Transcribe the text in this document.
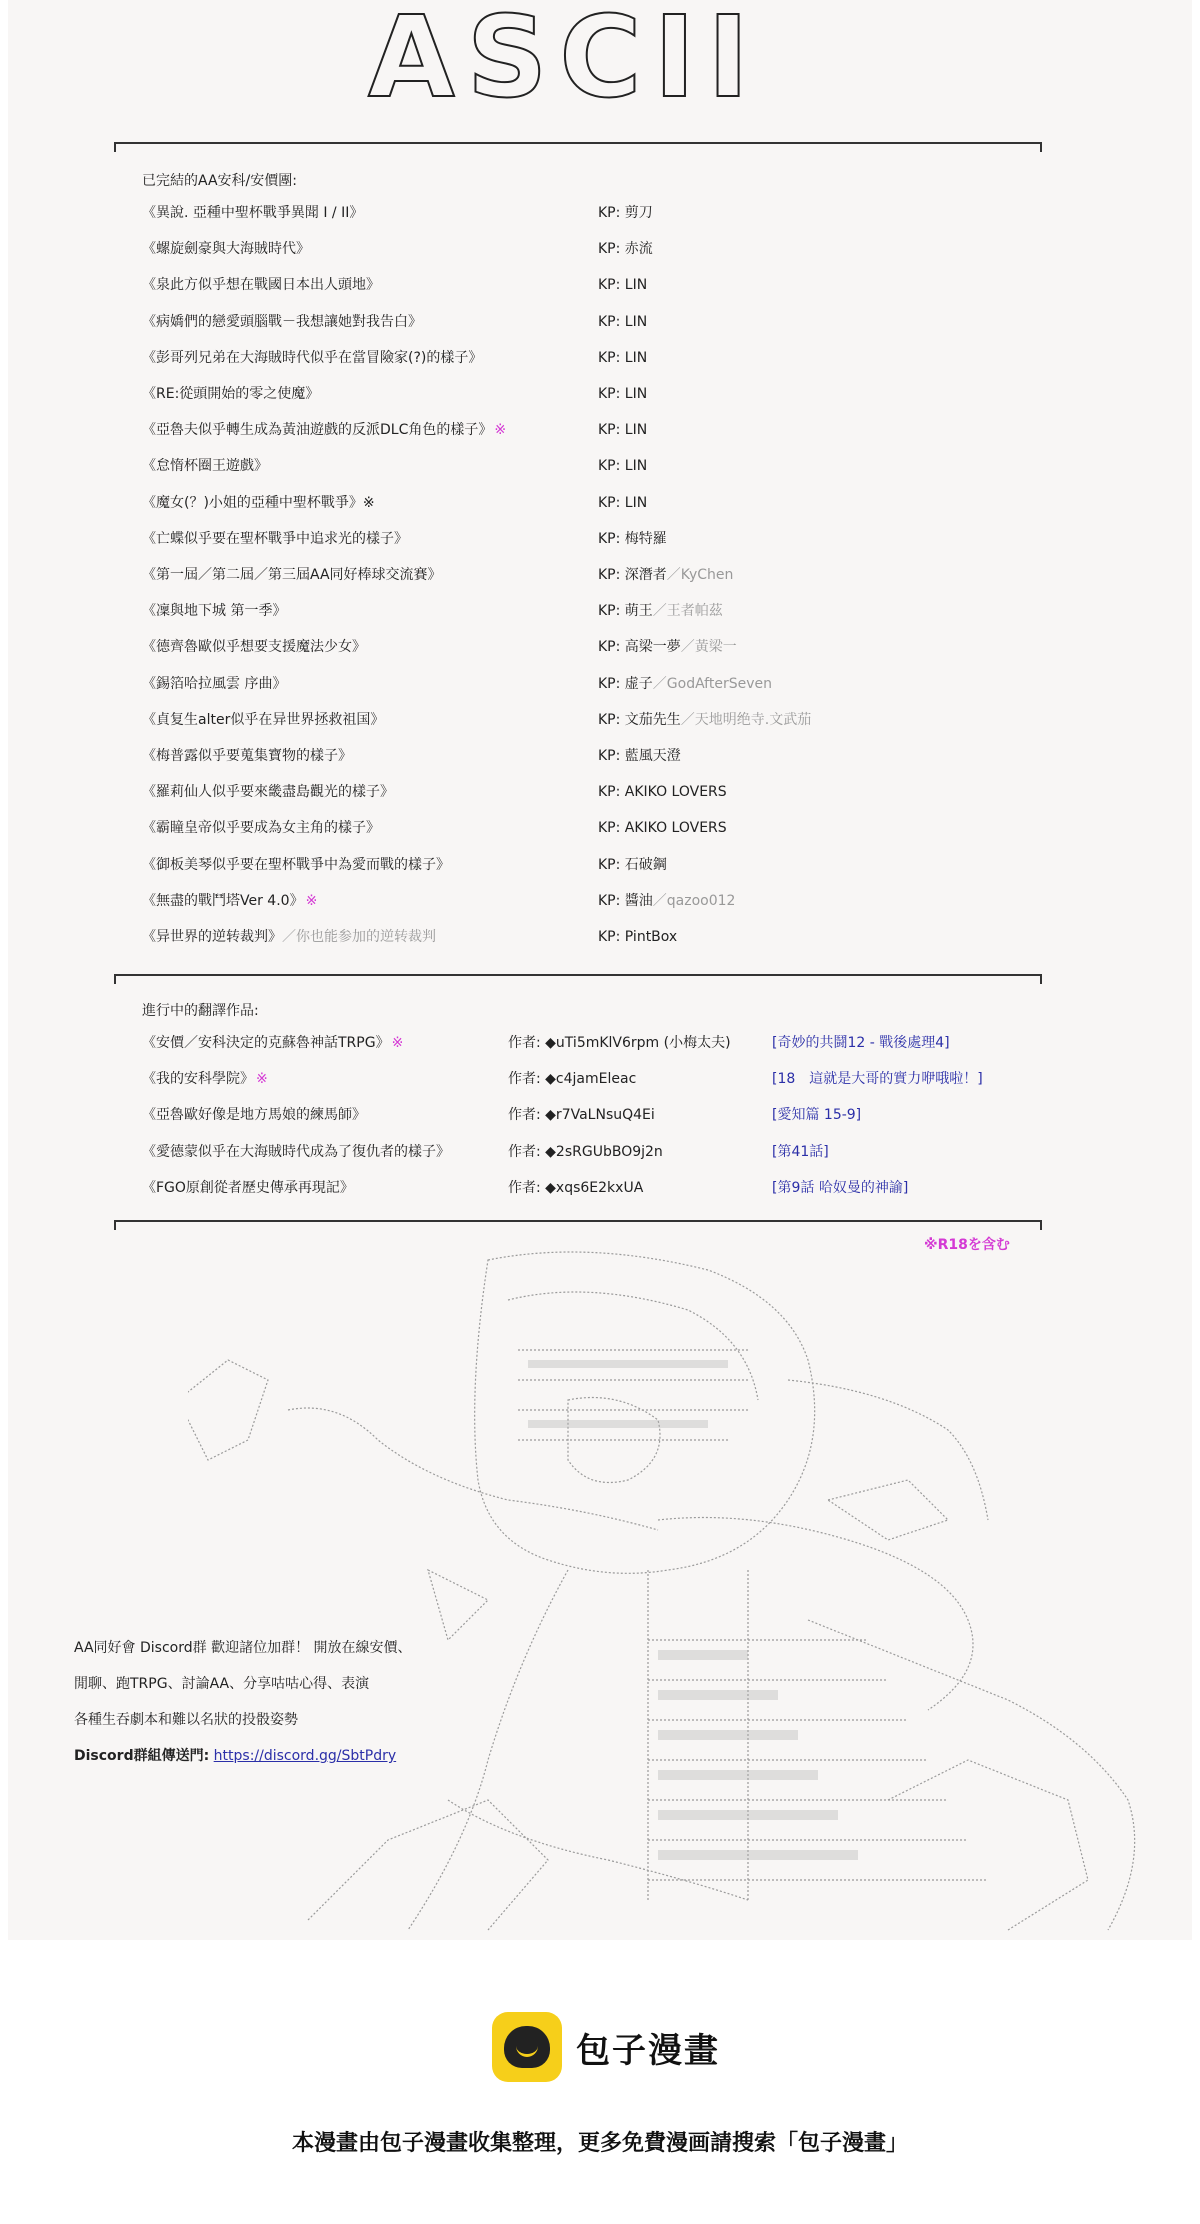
A S C I I
已完結的AA安科/安價團:
《異說. 亞種中聖杯戰爭異聞 I / II》	KP: 剪刀
《螺旋劍豪與大海賊時代》	KP: 赤流
《泉此方似乎想在戰國日本出人頭地》	KP: LIN
《病嬌們的戀愛頭腦戰－我想讓她對我告白》	KP: LIN
《彭哥列兄弟在大海賊時代似乎在當冒險家(?)的樣子》	KP: LIN
《RE:從頭開始的零之使魔》	KP: LIN
《亞魯夫似乎轉生成為黃油遊戲的反派DLC角色的樣子》 ※	KP: LIN
《怠惰杯圈王遊戲》	KP: LIN
《魔女(？)小姐的亞種中聖杯戰爭》※	KP: LIN
《亡蝶似乎要在聖杯戰爭中追求光的樣子》	KP: 梅特羅
《第一屆／第二屆／第三屆AA同好棒球交流賽》	KP: 深潛者／KyChen
《凜與地下城 第一季》	KP: 萌王／王者帕茲
《德齊魯歐似乎想要支援魔法少女》	KP: 高梁一夢／黃梁一
《錫箔哈拉風雲 序曲》	KP: 虚子／GodAfterSeven
《貞复生alter似乎在异世界拯救祖国》	KP: 文茄先生／天地明绝寺.文武茄
《梅普露似乎要蒐集寶物的樣子》	KP: 藍風天澄
《羅莉仙人似乎要來畿盡島觀光的樣子》	KP: AKIKO LOVERS
《霸瞳皇帝似乎要成為女主角的樣子》	KP: AKIKO LOVERS
《御板美琴似乎要在聖杯戰爭中為愛而戰的樣子》	KP: 石破鋼
《無盡的戰鬥塔Ver 4.0》 ※	KP: 醬油／qazoo012
《异世界的逆转裁判》／你也能参加的逆转裁判	KP: PintBox
進行中的翻譯作品:
《安價／安科決定的克蘇魯神話TRPG》 ※	作者: ◆uTi5mKlV6rpm (小梅太夫)	[奇妙的共鬪12 - 戰後處理4]
《我的安科學院》 ※	作者: ◆c4jamEleac	[18　這就是大哥的實力咿哦啦！]
《亞魯歐好像是地方馬娘的練馬師》	作者: ◆r7VaLNsuQ4Ei	[愛知篇 15-9]
《愛德蒙似乎在大海賊時代成為了復仇者的樣子》	作者: ◆2sRGUbBO9j2n	[第41話]
《FGO原創從者歷史傳承再現記》	作者: ◆xqs6E2kxUA	[第9話 哈奴曼的神諭]
※R18を含む
AA同好會 Discord群 歡迎諸位加群！ 開放在線安價、
閒聊、跑TRPG、討論AA、分享咕咕心得、表演
各種生吞劇本和難以名狀的投骰姿勢
Discord群組傳送門: https://discord.gg/SbtPdry
包子漫畫
本漫畫由包子漫畫收集整理，更多免費漫画請搜索「包子漫畫」
